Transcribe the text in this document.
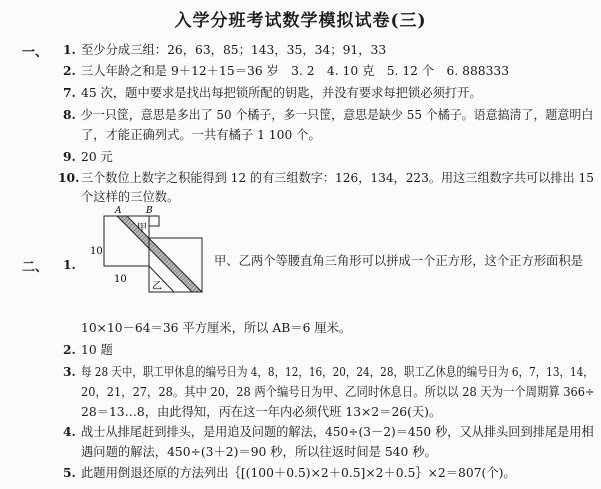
入学分班考试数学模拟试卷(三)
一、 1. 至少分成三组：26，63，85；143，35，34；91，33
2. 三人年龄之和是 9＋12＋15＝36 岁　3. 2　4. 10 克　5. 12 个　6. 888333
7. 45 次，题中要求是找出每把锁所配的钥匙，并没有要求每把锁必须打开。
8. 少一只筐，意思是多出了 50 个橘子，多一只筐，意思是缺少 55 个橘子。语意搞清了，题意明白
了，才能正确列式。一共有橘子 1 100 个。
9. 20 元
10. 三个数位上数字之积能得到 12 的有三组数字：126，134，223。用这三组数字共可以排出 15
个这样的三位数。
二、 1.
A	B
甲
乙
10
10
甲、乙两个等腰直角三角形可以拼成一个正方形，这个正方形面积是
10×10－64＝36 平方厘米，所以 AB＝6 厘米。
2. 10 题
3. 每 28 天中，职工甲休息的编号日为 4，8，12，16，20，24，28，职工乙休息的编号日为 6，7，13，14，
20，21，27，28。其中 20，28 两个编号日为甲、乙同时休息日。所以以 28 天为一个周期算 366÷
28＝13…8，由此得知，丙在这一年内必须代班 13×2＝26(天)。
4. 战士从排尾赶到排头，是用追及问题的解法，450÷(3－2)＝450 秒，又从排头回到排尾是用相
遇问题的解法，450÷(3＋2)＝90 秒，所以往返时间是 540 秒。
5. 此题用倒退还原的方法列出｛[(100＋0.5)×2＋0.5]×2＋0.5｝×2＝807(个)。
